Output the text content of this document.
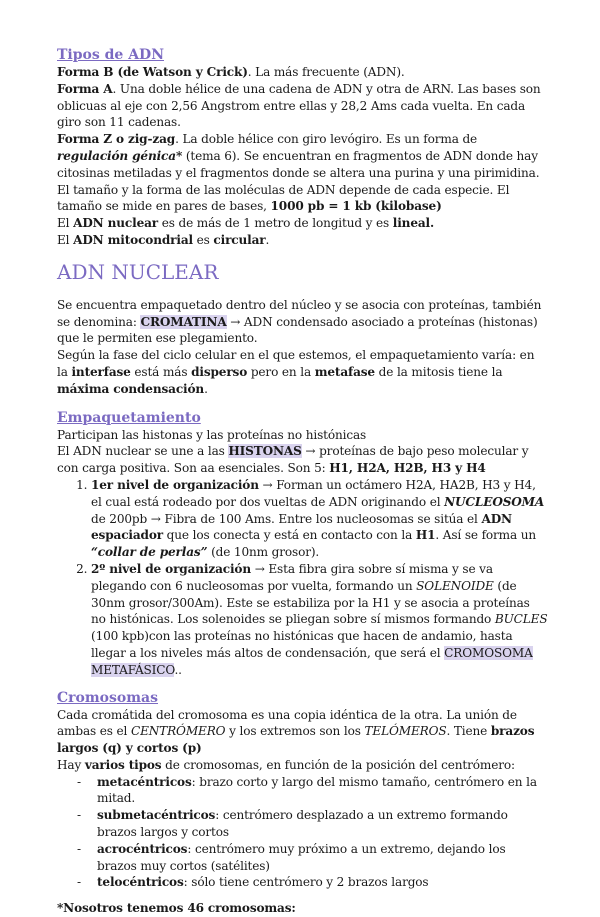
Tipos de ADN

Forma B (de Watson y Crick). La más frecuente (ADN).

Forma A. Una doble hélice de una cadena de ADN y otra de ARN. Las bases son oblicuas al eje con 2,56 Angstrom entre ellas y 28,2 Ams cada vuelta. En cada giro son 11 cadenas.

Forma Z o zig-zag. La doble hélice con giro levógiro. Es un forma de regulación génica* (tema 6). Se encuentran en fragmentos de ADN donde hay citosinas metiladas y el fragmentos donde se altera una purina y una pirimidina.

El tamaño y la forma de las moléculas de ADN depende de cada especie. El tamaño se mide en pares de bases, 1000 pb = 1 kb (kilobase)

El ADN nuclear es de más de 1 metro de longitud y es lineal.

El ADN mitocondrial es circular.

ADN NUCLEAR

Se encuentra empaquetado dentro del núcleo y se asocia con proteínas, también se denomina: CROMATINA → ADN condensado asociado a proteínas (histonas) que le permiten ese plegamiento.

Según la fase del ciclo celular en el que estemos, el empaquetamiento varía: en la interfase está más disperso pero en la metafase de la mitosis tiene la máxima condensación.

Empaquetamiento

Participan las histonas y las proteínas no histónicas

El ADN nuclear se une a las HISTONAS → proteínas de bajo peso molecular y con carga positiva. Son aa esenciales. Son 5: H1, H2A, H2B, H3 y H4

1. 1er nivel de organización → Forman un octámero H2A, HA2B, H3 y H4, el cual está rodeado por dos vueltas de ADN originando el NUCLEOSOMA de 200pb → Fibra de 100 Ams. Entre los nucleosomas se sitúa el ADN espaciador que los conecta y está en contacto con la H1. Así se forma un “collar de perlas” (de 10nm grosor).
2. 2º nivel de organización → Esta fibra gira sobre sí misma y se va plegando con 6 nucleosomas por vuelta, formando un SOLENOIDE (de 30nm grosor/300Am). Este se estabiliza por la H1 y se asocia a proteínas no histónicas. Los solenoides se pliegan sobre sí mismos formando BUCLES (100 kpb)con las proteínas no histónicas que hacen de andamio, hasta llegar a los niveles más altos de condensación, que será el CROMOSOMA METAFÁSICO..
Cromosomas

Cada cromátida del cromosoma es una copia idéntica de la otra. La unión de ambas es el CENTRÓMERO y los extremos son los TELÓMEROS. Tiene brazos largos (q) y cortos (p)

Hay varios tipos de cromosomas, en función de la posición del centrómero:

- metacéntricos: brazo corto y largo del mismo tamaño, centrómero en la mitad.
- submetacéntricos: centrómero desplazado a un extremo formando brazos largos y cortos
- acrocéntricos: centrómero muy próximo a un extremo, dejando los brazos muy cortos (satélites)
- telocéntricos: sólo tiene centrómero y 2 brazos largos

*Nosotros tenemos 46 cromosomas:
